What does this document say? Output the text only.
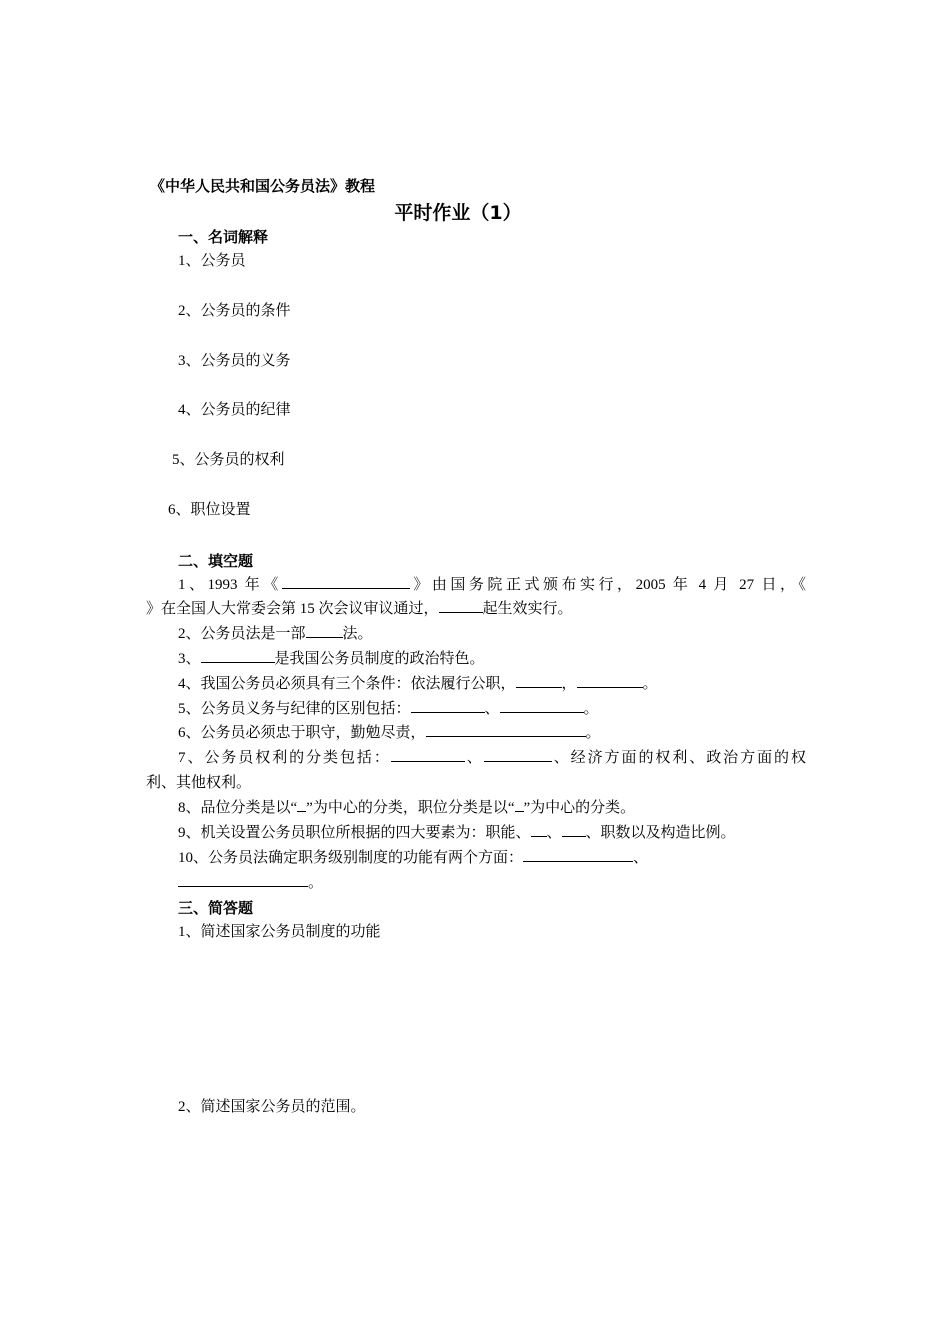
《中华人民共和国公务员法》教程
平时作业（1）
一、名词解释
1、公务员
2、公务员的条件
3、公务员的义务
4、公务员的纪律
5、公务员的权利
6、职位设置
二、填空题
1、1993 年《	》由国务院正式颁布实行，2005 年 4 月 27 日，《
》在全国人大常委会第 15 次会议审议通过，	起生效实行。
2、公务员法是一部 法。
3、	是我国公务员制度的政治特色。
4、我国公务员必须具有三个条件：依法履行公职，	，	。
5、公务员义务与纪律的区别包括：	、	。
6、公务员必须忠于职守，勤勉尽责，	。
7、公务员权利的分类包括：	、	、经济方面的权利、政治方面的权
利、其他权利。
8、品位分类是以“ ”为中心的分类，职位分类是以“ ”为中心的分类。
9、机关设置公务员职位所根据的四大要素为：职能、 、 、职数以及构造比例。
10、公务员法确定职务级别制度的功能有两个方面：	、
。
三、简答题
1、简述国家公务员制度的功能
2、简述国家公务员的范围。
